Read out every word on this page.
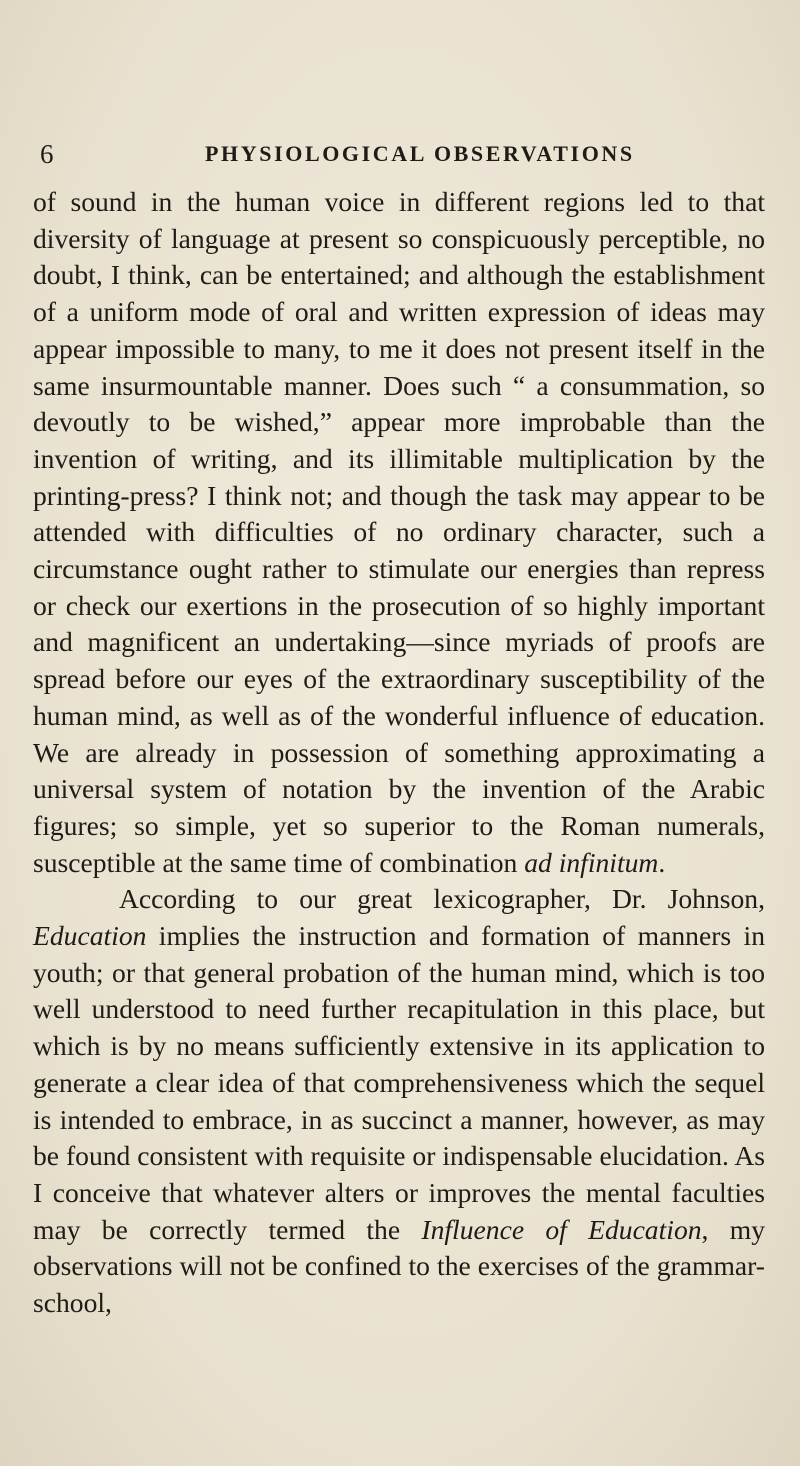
6	PHYSIOLOGICAL OBSERVATIONS

of sound in the human voice in different regions led to that diversity of language at present so conspicuously perceptible, no doubt, I think, can be entertained; and although the establishment of a uniform mode of oral and written expression of ideas may appear impossible to many, to me it does not present itself in the same insurmountable manner. Does such “ a consummation, so devoutly to be wished,” appear more improbable than the invention of writing, and its illimitable multiplication by the printing-press? I think not; and though the task may appear to be attended with difficulties of no ordinary character, such a circumstance ought rather to stimulate our energies than repress or check our exertions in the prosecution of so highly important and magnificent an undertaking—since myriads of proofs are spread before our eyes of the extraordinary susceptibility of the human mind, as well as of the wonderful influence of education. We are already in possession of something approximating a universal system of notation by the invention of the Arabic figures; so simple, yet so superior to the Roman numerals, susceptible at the same time of combination ad infinitum.

According to our great lexicographer, Dr. Johnson, Education implies the instruction and formation of manners in youth; or that general probation of the human mind, which is too well understood to need further recapitulation in this place, but which is by no means sufficiently extensive in its application to generate a clear idea of that comprehensiveness which the sequel is intended to embrace, in as succinct a manner, however, as may be found consistent with requisite or indispensable elucidation. As I conceive that whatever alters or improves the mental faculties may be correctly termed the Influence of Education, my observations will not be confined to the exercises of the grammar-school,
